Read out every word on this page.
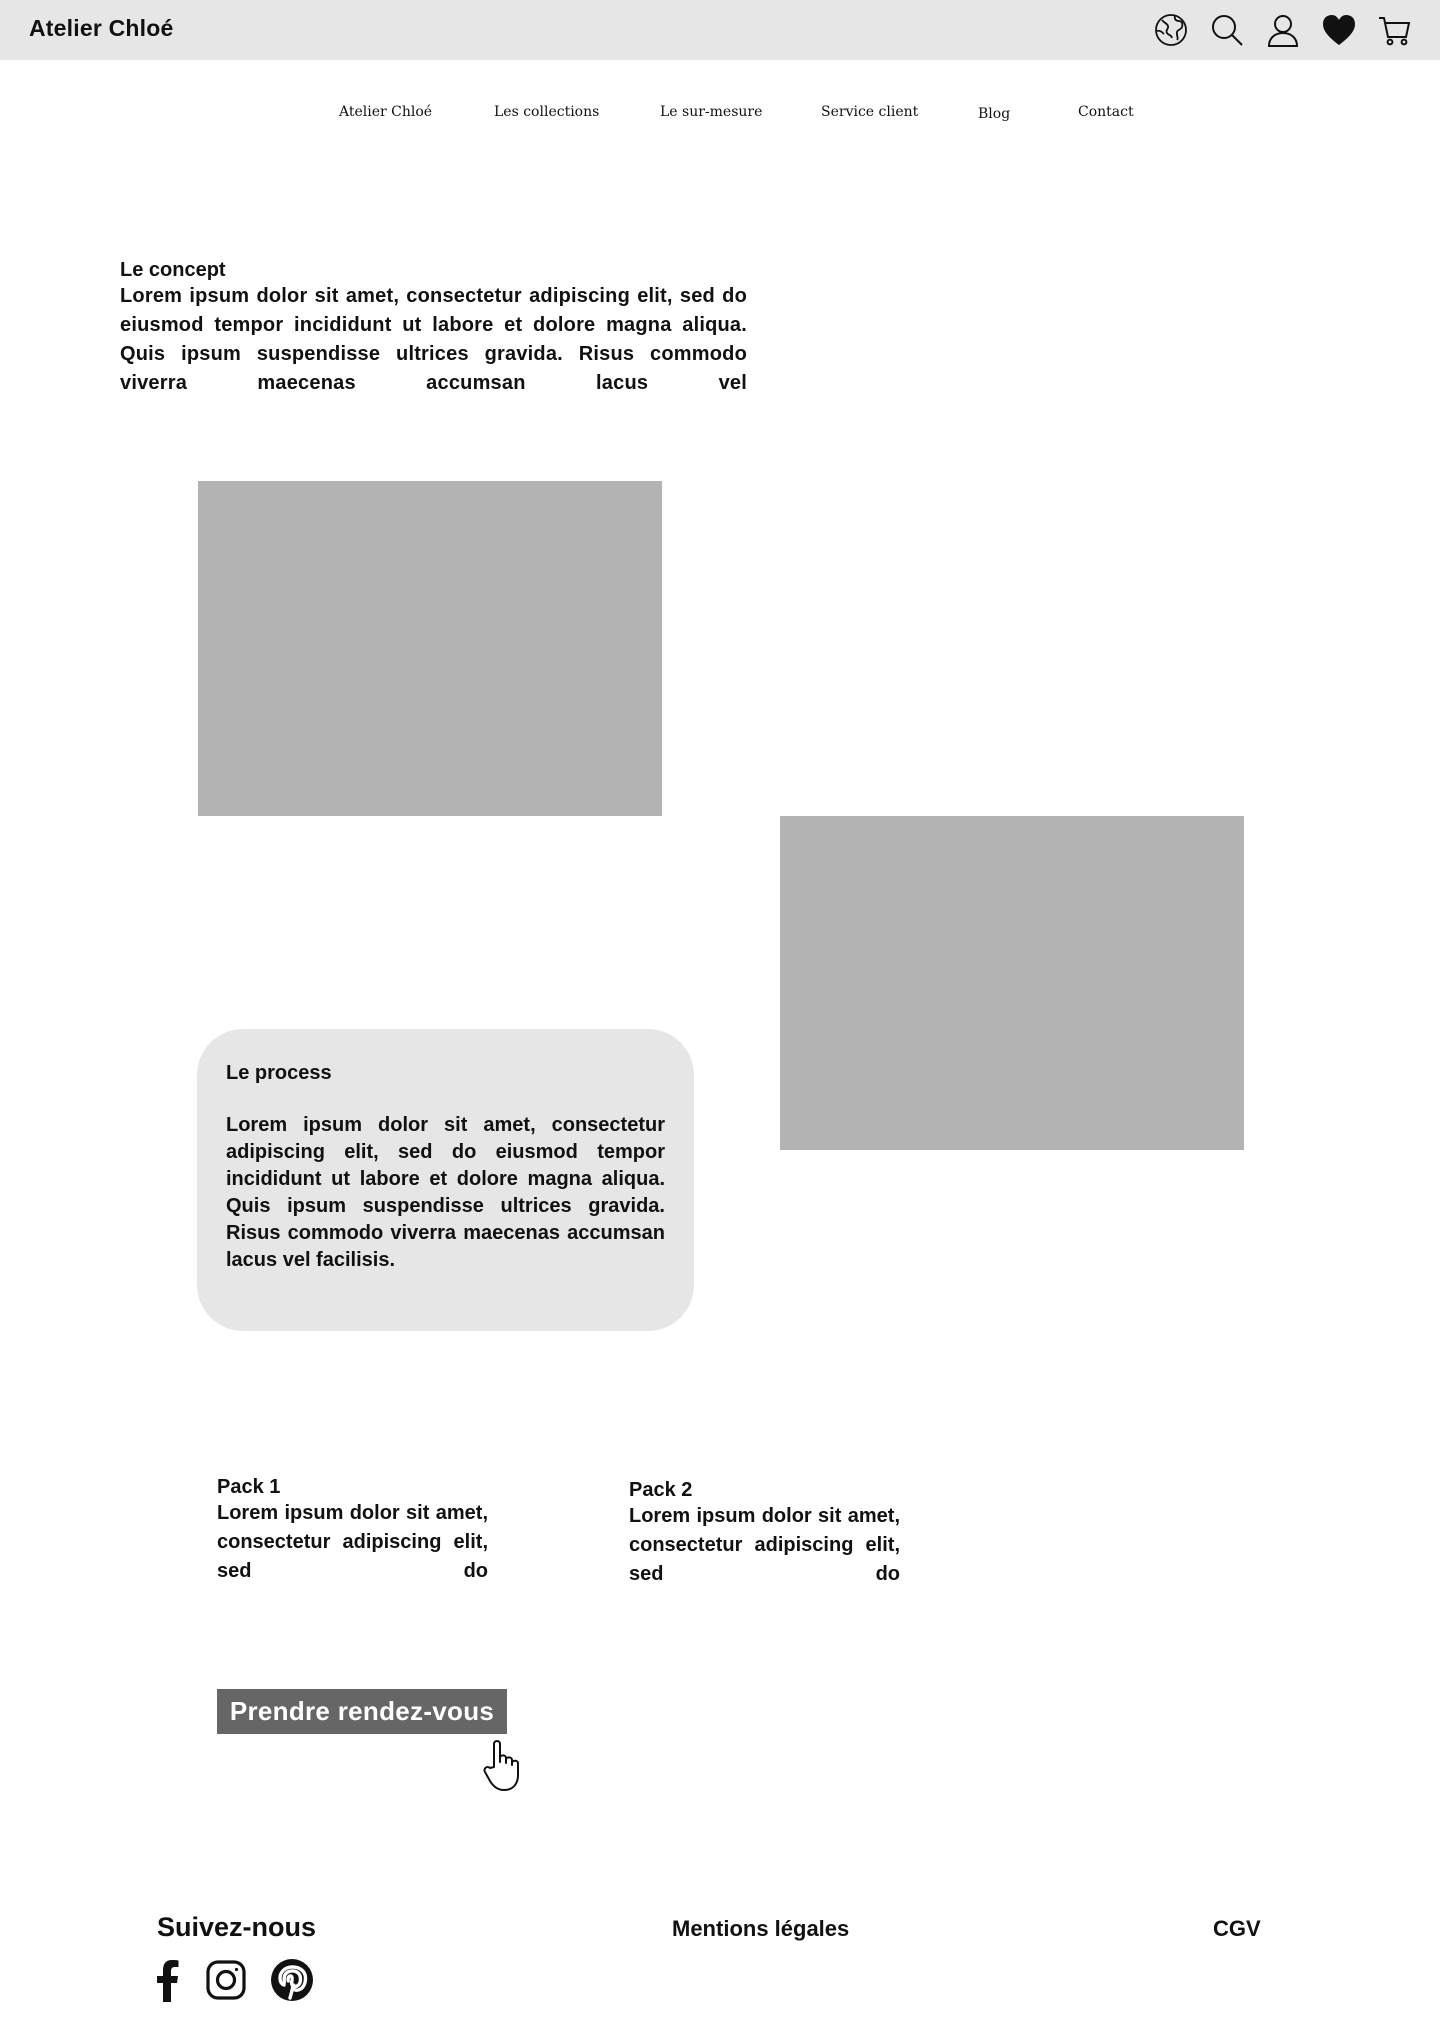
Atelier Chloé
Atelier Chloé	Les collections	Le sur-mesure	Service client	Blog	Contact
Le concept

Lorem ipsum dolor sit amet, consectetur adipiscing elit, sed do eiusmod tempor incididunt ut labore et dolore magna aliqua. Quis ipsum suspendisse ultrices gravida. Risus commodo viverra maecenas accumsan lacus vel

Le process

Lorem ipsum dolor sit amet, consectetur adipiscing elit, sed do eiusmod tempor incididunt ut labore et dolore magna aliqua. Quis ipsum suspendisse ultrices gravida. Risus commodo viverra maecenas accumsan lacus vel facilisis.

Pack 1

Lorem ipsum dolor sit amet, consectetur adipiscing elit, sed do

Pack 2

Lorem ipsum dolor sit amet, consectetur adipiscing elit, sed do

Prendre rendez-vous
Suivez-nous	Mentions légales	CGV
